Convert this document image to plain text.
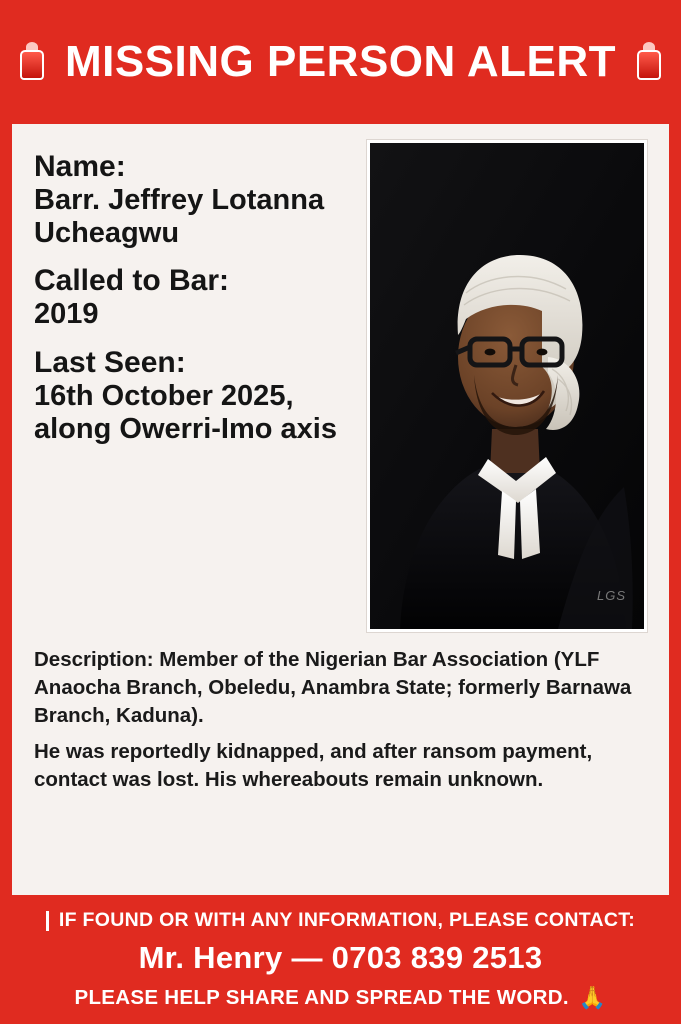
MISSING PERSON ALERT

Name:

Barr. Jeffrey Lotanna Ucheagwu

Called to Bar:

2019

Last Seen:

16th October 2025, along Owerri-Imo axis

LGS

Description: Member of the Nigerian Bar Association (YLF Anaocha Branch, Obeledu, Anambra State; formerly Barnawa Branch, Kaduna).

He was reportedly kidnapped, and after ransom payment, contact was lost. His whereabouts remain unknown.

IF FOUND OR WITH ANY INFORMATION, PLEASE CONTACT:
Mr. Henry — 0703 839 2513
PLEASE HELP SHARE AND SPREAD THE WORD. 🙏
